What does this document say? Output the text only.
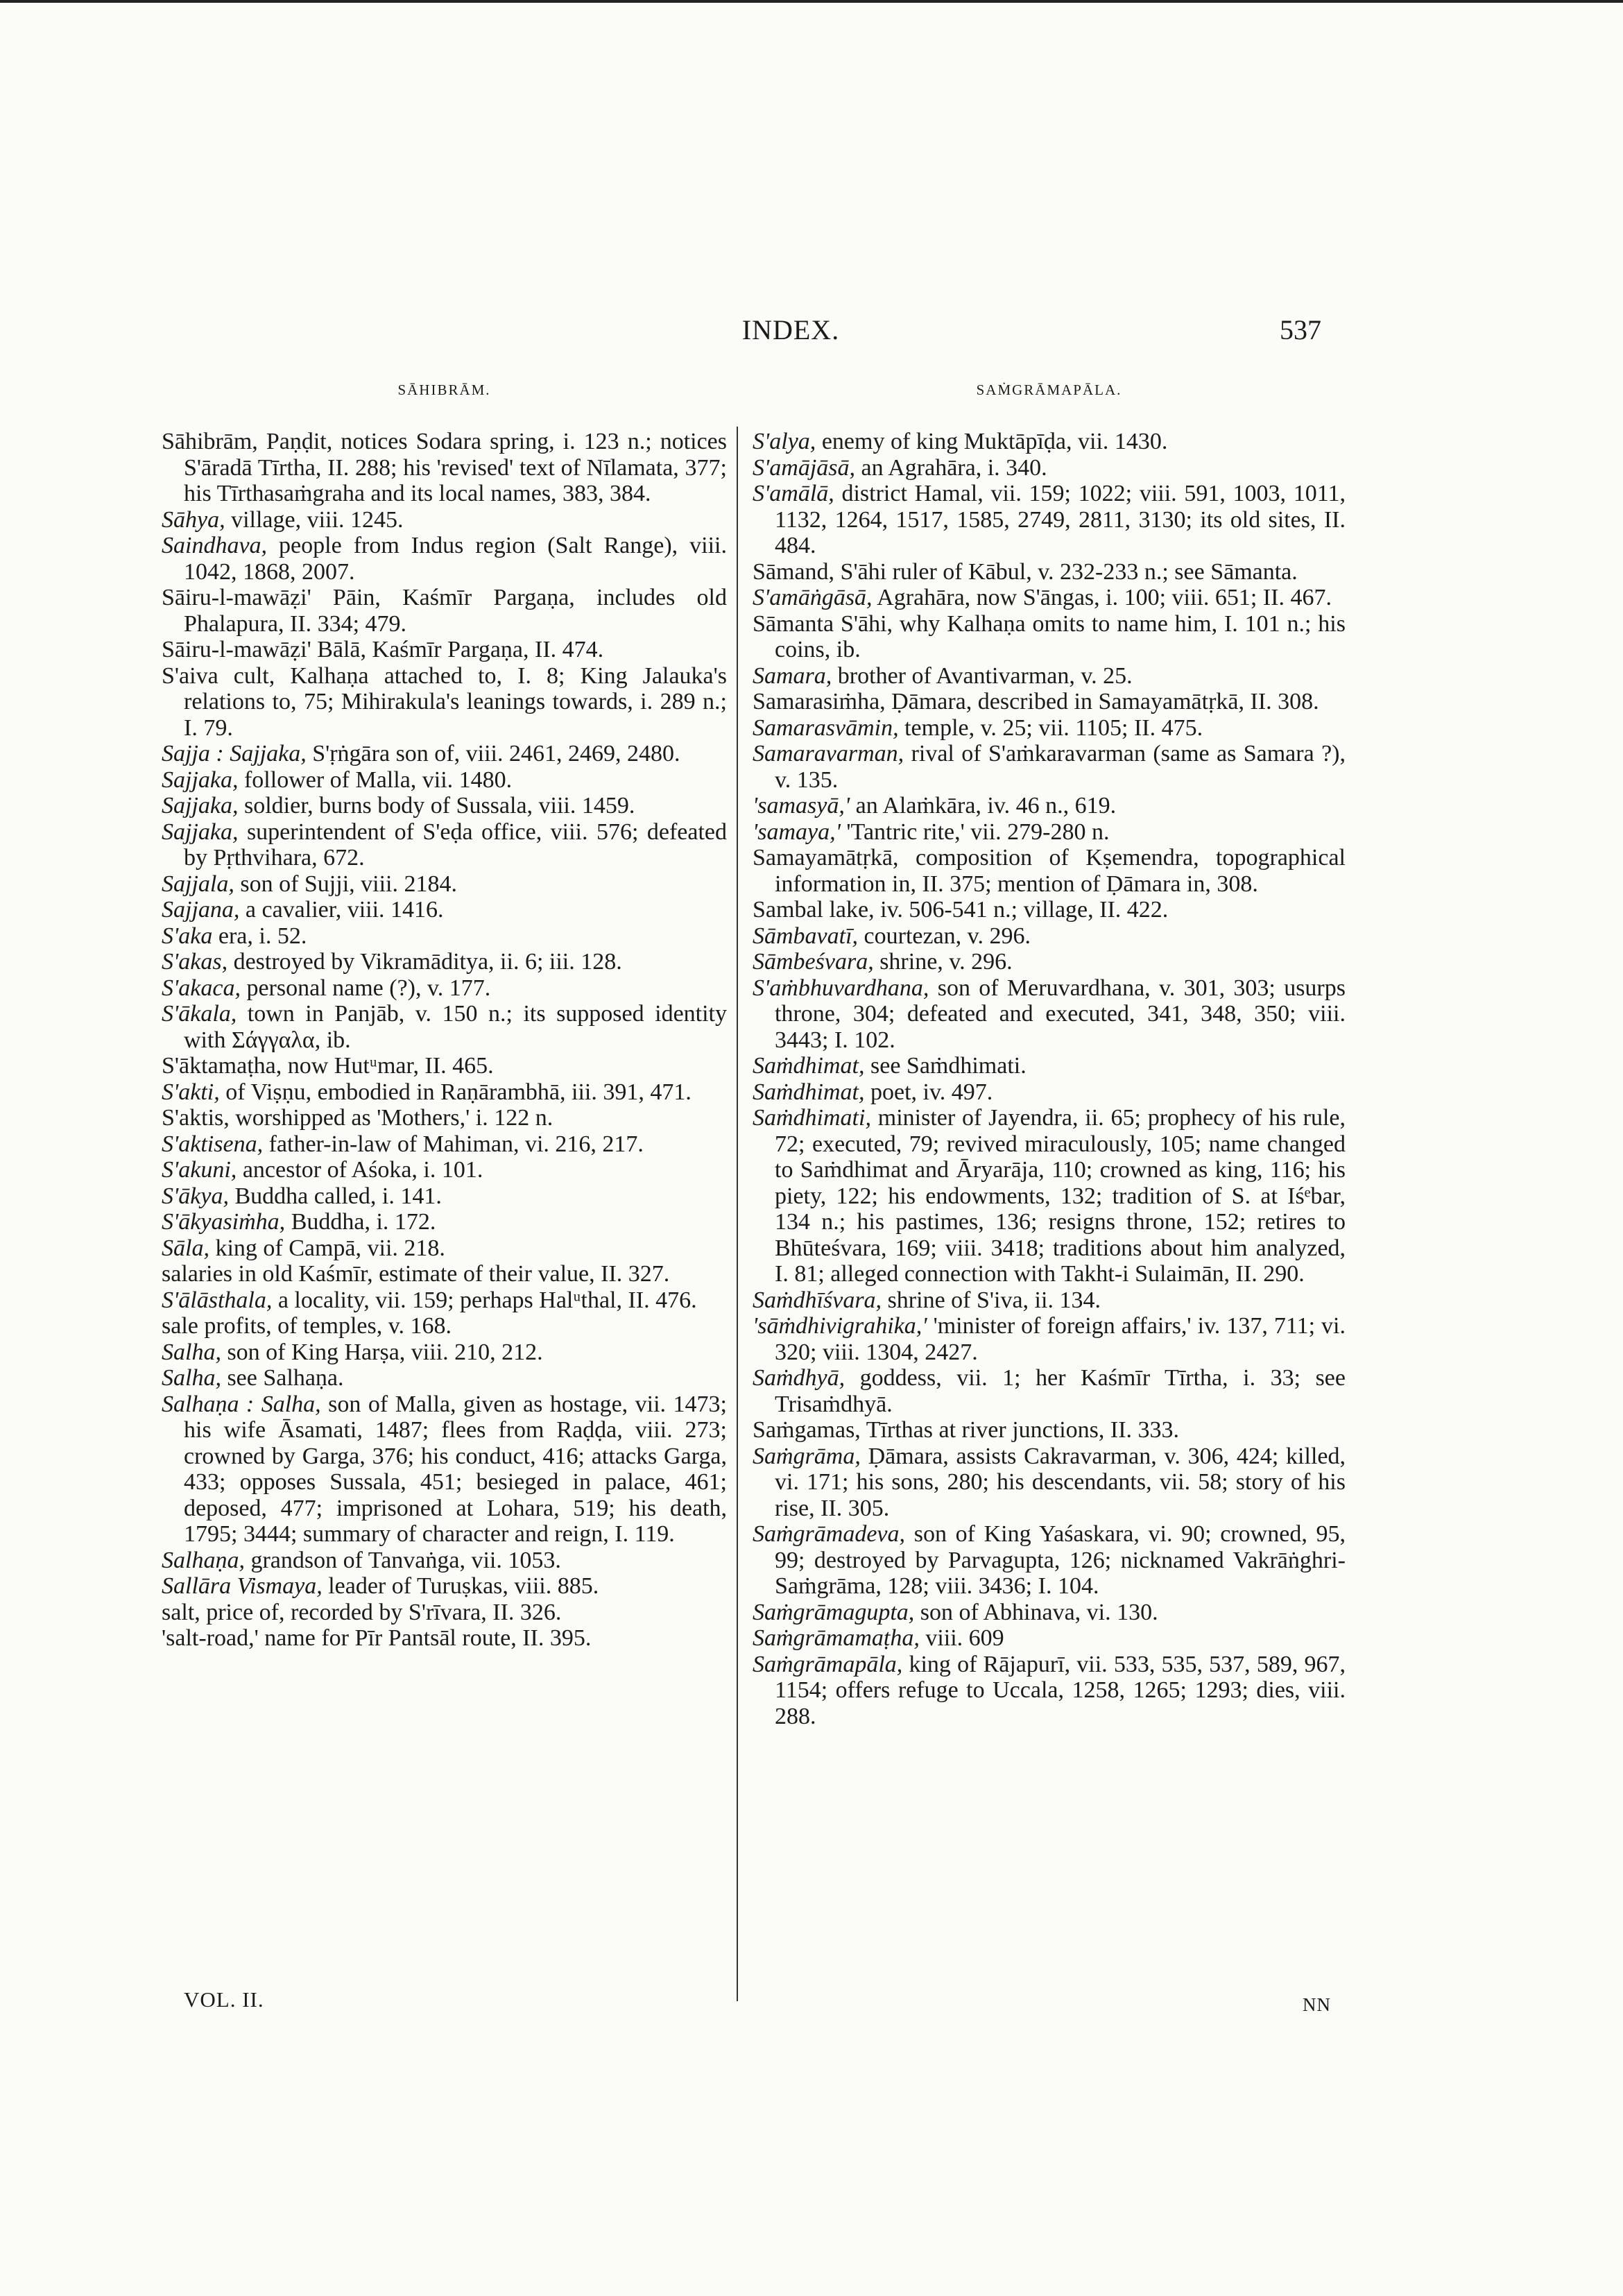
INDEX.	537
SĀHIBRĀM.	SAṀGRĀMAPĀLA.
Sāhibrām, Paṇḍit, notices Sodara spring, i. 123 n.; notices S'āradā Tīrtha, II. 288; his 'revised' text of Nīlamata, 377; his Tīrthasaṁgraha and its local names, 383, 384.
Sāhya, village, viii. 1245.
Saindhava, people from Indus region (Salt Range), viii. 1042, 1868, 2007.
Sāiru-l-mawāẓi' Pāin, Kaśmīr Pargaṇa, includes old Phalapura, II. 334; 479.
Sāiru-l-mawāẓi' Bālā, Kaśmīr Pargaṇa, II. 474.
S'aiva cult, Kalhaṇa attached to, I. 8; King Jalauka's relations to, 75; Mihirakula's leanings towards, i. 289 n.; I. 79.
Sajja : Sajjaka, S'ṛṅgāra son of, viii. 2461, 2469, 2480.
Sajjaka, follower of Malla, vii. 1480.
Sajjaka, soldier, burns body of Sussala, viii. 1459.
Sajjaka, superintendent of S'eḍa office, viii. 576; defeated by Pṛthvihara, 672.
Sajjala, son of Sujji, viii. 2184.
Sajjana, a cavalier, viii. 1416.
S'aka era, i. 52.
S'akas, destroyed by Vikramāditya, ii. 6; iii. 128.
S'akaca, personal name (?), v. 177.
S'ākala, town in Panjāb, v. 150 n.; its supposed identity with Σάγγαλα, ib.
S'āktamaṭha, now Hutᵘmar, II. 465.
S'akti, of Viṣṇu, embodied in Raṇārambhā, iii. 391, 471.
S'aktis, worshipped as 'Mothers,' i. 122 n.
S'aktisena, father-in-law of Mahiman, vi. 216, 217.
S'akuni, ancestor of Aśoka, i. 101.
S'ākya, Buddha called, i. 141.
S'ākyasiṁha, Buddha, i. 172.
Sāla, king of Campā, vii. 218.
salaries in old Kaśmīr, estimate of their value, II. 327.
S'ālāsthala, a locality, vii. 159; perhaps Halᵘthal, II. 476.
sale profits, of temples, v. 168.
Salha, son of King Harṣa, viii. 210, 212.
Salha, see Salhaṇa.
Salhaṇa : Salha, son of Malla, given as hostage, vii. 1473; his wife Āsamati, 1487; flees from Raḍḍa, viii. 273; crowned by Garga, 376; his conduct, 416; attacks Garga, 433; opposes Sussala, 451; besieged in palace, 461; deposed, 477; imprisoned at Lohara, 519; his death, 1795; 3444; summary of character and reign, I. 119.
Salhaṇa, grandson of Tanvaṅga, vii. 1053.
Sallāra Vismaya, leader of Turuṣkas, viii. 885.
salt, price of, recorded by S'rīvara, II. 326.
'salt-road,' name for Pīr Pantsāl route, II. 395.
S'alya, enemy of king Muktāpīḍa, vii. 1430.
S'amājāsā, an Agrahāra, i. 340.
S'amālā, district Hamal, vii. 159; 1022; viii. 591, 1003, 1011, 1132, 1264, 1517, 1585, 2749, 2811, 3130; its old sites, II. 484.
Sāmand, S'āhi ruler of Kābul, v. 232-233 n.; see Sāmanta.
S'amāṅgāsā, Agrahāra, now S'āngas, i. 100; viii. 651; II. 467.
Sāmanta S'āhi, why Kalhaṇa omits to name him, I. 101 n.; his coins, ib.
Samara, brother of Avantivarman, v. 25.
Samarasiṁha, Ḍāmara, described in Samayamātṛkā, II. 308.
Samarasvāmin, temple, v. 25; vii. 1105; II. 475.
Samaravarman, rival of S'aṁkaravarman (same as Samara ?), v. 135.
'samasyā,' an Alaṁkāra, iv. 46 n., 619.
'samaya,' 'Tantric rite,' vii. 279-280 n.
Samayamātṛkā, composition of Kṣemendra, topographical information in, II. 375; mention of Ḍāmara in, 308.
Sambal lake, iv. 506-541 n.; village, II. 422.
Sāmbavatī, courtezan, v. 296.
Sāmbeśvara, shrine, v. 296.
S'aṁbhuvardhana, son of Meruvardhana, v. 301, 303; usurps throne, 304; defeated and executed, 341, 348, 350; viii. 3443; I. 102.
Saṁdhimat, see Saṁdhimati.
Saṁdhimat, poet, iv. 497.
Saṁdhimati, minister of Jayendra, ii. 65; prophecy of his rule, 72; executed, 79; revived miraculously, 105; name changed to Saṁdhimat and Āryarāja, 110; crowned as king, 116; his piety, 122; his endowments, 132; tradition of S. at Iśᵉbar, 134 n.; his pastimes, 136; resigns throne, 152; retires to Bhūteśvara, 169; viii. 3418; traditions about him analyzed, I. 81; alleged connection with Takht-i Sulaimān, II. 290.
Saṁdhīśvara, shrine of S'iva, ii. 134.
'sāṁdhivigrahika,' 'minister of foreign affairs,' iv. 137, 711; vi. 320; viii. 1304, 2427.
Saṁdhyā, goddess, vii. 1; her Kaśmīr Tīrtha, i. 33; see Trisaṁdhyā.
Saṁgamas, Tīrthas at river junctions, II. 333.
Saṁgrāma, Ḍāmara, assists Cakravarman, v. 306, 424; killed, vi. 171; his sons, 280; his descendants, vii. 58; story of his rise, II. 305.
Saṁgrāmadeva, son of King Yaśaskara, vi. 90; crowned, 95, 99; destroyed by Parvagupta, 126; nicknamed Vakrāṅghri-Saṁgrāma, 128; viii. 3436; I. 104.
Saṁgrāmagupta, son of Abhinava, vi. 130.
Saṁgrāmamaṭha, viii. 609
Saṁgrāmapāla, king of Rājapurī, vii. 533, 535, 537, 589, 967, 1154; offers refuge to Uccala, 1258, 1265; 1293; dies, viii. 288.
VOL. II.	NN
